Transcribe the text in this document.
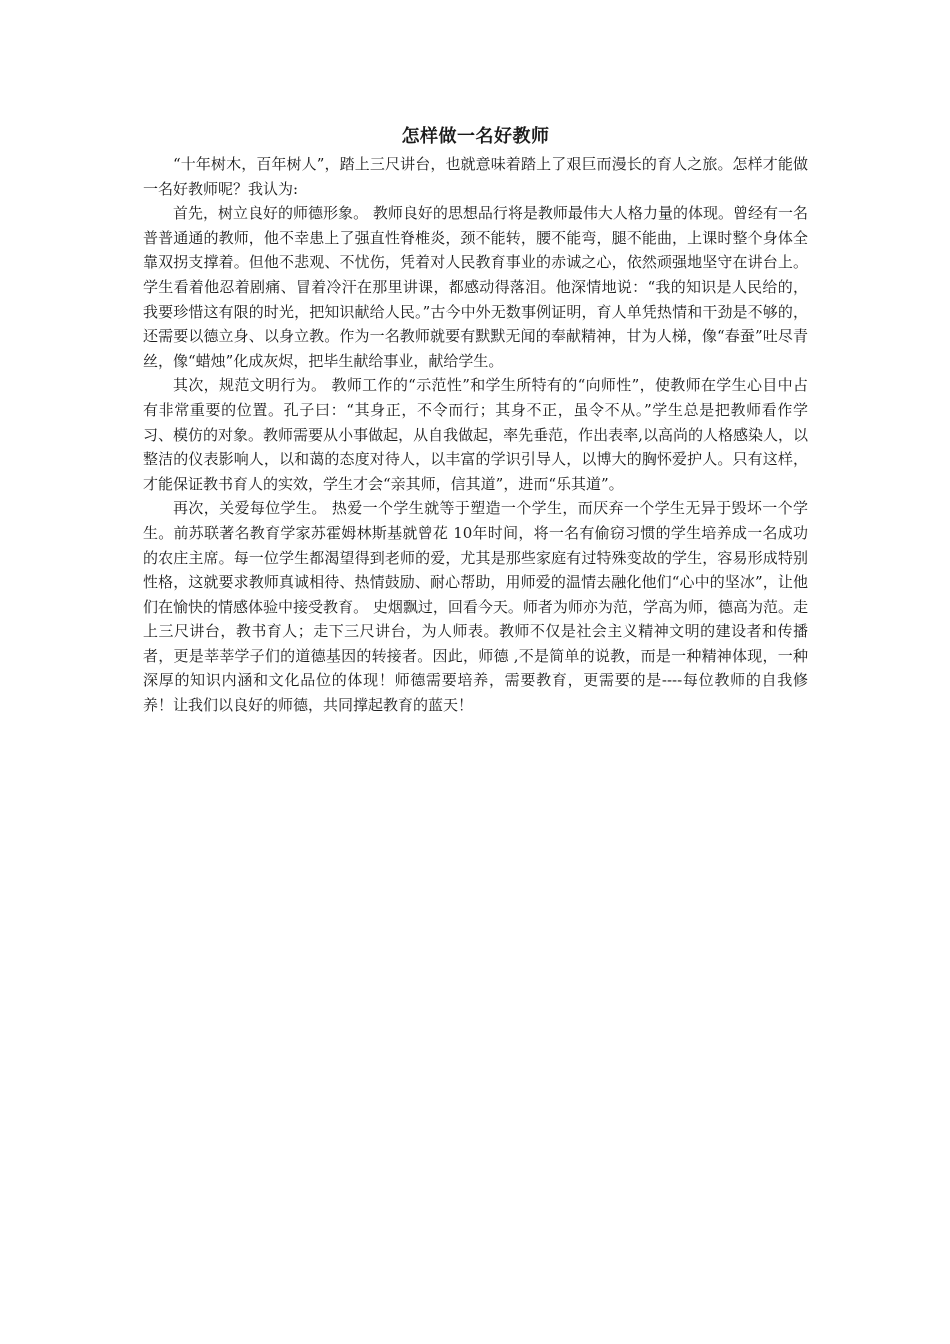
怎样做一名好教师

“十年树木，百年树人”，踏上三尺讲台，也就意味着踏上了艰巨而漫长的育人之旅。怎样才能做一名好教师呢？我认为:

首先，树立良好的师德形象。 教师良好的思想品行将是教师最伟大人格力量的体现。曾经有一名普普通通的教师，他不幸患上了强直性脊椎炎，颈不能转，腰不能弯，腿不能曲，上课时整个身体全靠双拐支撑着。但他不悲观、不忧伤，凭着对人民教育事业的赤诚之心，依然顽强地坚守在讲台上。学生看着他忍着剧痛、冒着冷汗在那里讲课，都感动得落泪。他深情地说：“我的知识是人民给的，我要珍惜这有限的时光，把知识献给人民。”古今中外无数事例证明，育人单凭热情和干劲是不够的，还需要以德立身、以身立教。作为一名教师就要有默默无闻的奉献精神，甘为人梯，像“春蚕”吐尽青丝，像“蜡烛”化成灰烬，把毕生献给事业，献给学生。

其次，规范文明行为。 教师工作的“示范性”和学生所特有的“向师性”，使教师在学生心目中占有非常重要的位置。孔子曰：“其身正，不令而行；其身不正，虽令不从。”学生总是把教师看作学习、模仿的对象。教师需要从小事做起，从自我做起，率先垂范，作出表率,以高尚的人格感染人，以整洁的仪表影响人，以和蔼的态度对待人，以丰富的学识引导人，以博大的胸怀爱护人。只有这样，才能保证教书育人的实效，学生才会“亲其师，信其道”，进而“乐其道”。

再次，关爱每位学生。 热爱一个学生就等于塑造一个学生，而厌弃一个学生无异于毁坏一个学生。前苏联著名教育学家苏霍姆林斯基就曾花 10年时间，将一名有偷窃习惯的学生培养成一名成功的农庄主席。每一位学生都渴望得到老师的爱，尤其是那些家庭有过特殊变故的学生，容易形成特别性格，这就要求教师真诚相待、热情鼓励、耐心帮助，用师爱的温情去融化他们“心中的坚冰”，让他们在愉快的情感体验中接受教育。 史烟飘过，回看今天。师者为师亦为范，学高为师，德高为范。走上三尺讲台，教书育人；走下三尺讲台，为人师表。教师不仅是社会主义精神文明的建设者和传播者，更是莘莘学子们的道德基因的转接者。因此，师德 ,不是简单的说教，而是一种精神体现，一种深厚的知识内涵和文化品位的体现！师德需要培养，需要教育，更需要的是----每位教师的自我修养！让我们以良好的师德，共同撑起教育的蓝天！
